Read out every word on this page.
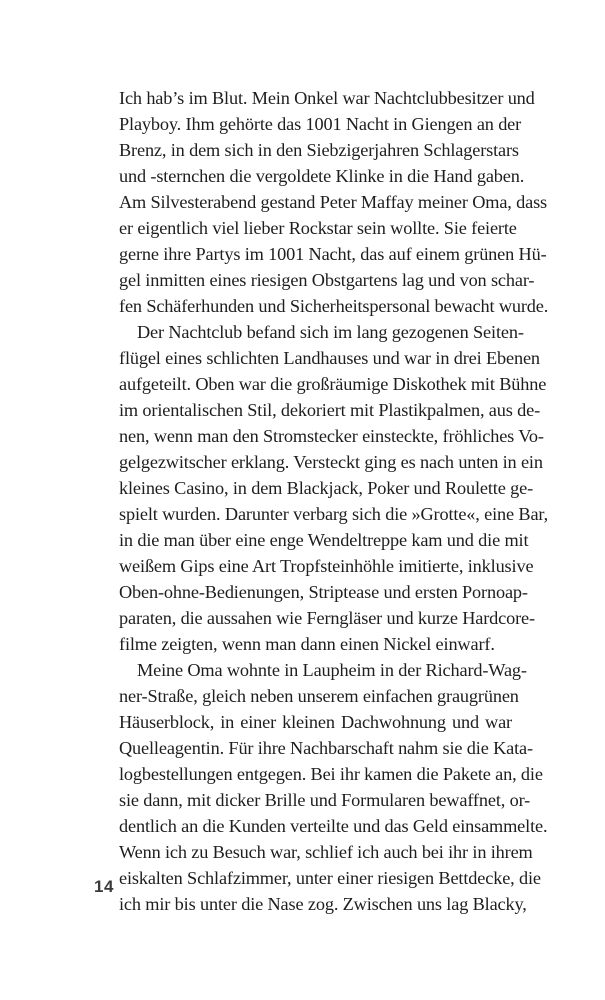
Ich hab’s im Blut. Mein Onkel war Nachtclubbesitzer und
Playboy. Ihm gehörte das 1001 Nacht in Giengen an der
Brenz, in dem sich in den Siebzigerjahren Schlagerstars
und -sternchen die vergoldete Klinke in die Hand gaben.
Am Silvesterabend gestand Peter Maffay meiner Oma, dass
er eigentlich viel lieber Rockstar sein wollte. Sie feierte
gerne ihre Partys im 1001 Nacht, das auf einem grünen Hü-
gel inmitten eines riesigen Obstgartens lag und von schar-
fen Schäferhunden und Sicherheitspersonal bewacht wurde.
Der Nachtclub befand sich im lang gezogenen Seiten-
flügel eines schlichten Landhauses und war in drei Ebenen
aufgeteilt. Oben war die großräumige Diskothek mit Bühne
im orientalischen Stil, dekoriert mit Plastikpalmen, aus de-
nen, wenn man den Stromstecker einsteckte, fröhliches Vo-
gelgezwitscher erklang. Versteckt ging es nach unten in ein
kleines Casino, in dem Blackjack, Poker und Roulette ge-
spielt wurden. Darunter verbarg sich die »Grotte«, eine Bar,
in die man über eine enge Wendeltreppe kam und die mit
weißem Gips eine Art Tropfsteinhöhle imitierte, inklusive
Oben-ohne-Bedienungen, Striptease und ersten Pornoap-
paraten, die aussahen wie Ferngläser und kurze Hardcore-
filme zeigten, wenn man dann einen Nickel einwarf.
Meine Oma wohnte in Laupheim in der Richard-Wag-
ner-Straße, gleich neben unserem einfachen graugrünen
Häuserblock, in einer kleinen Dachwohnung und war
Quelleagentin. Für ihre Nachbarschaft nahm sie die Kata-
logbestellungen entgegen. Bei ihr kamen die Pakete an, die
sie dann, mit dicker Brille und Formularen bewaffnet, or-
dentlich an die Kunden verteilte und das Geld einsammelte.
Wenn ich zu Besuch war, schlief ich auch bei ihr in ihrem
eiskalten Schlafzimmer, unter einer riesigen Bettdecke, die
ich mir bis unter die Nase zog. Zwischen uns lag Blacky,
14
